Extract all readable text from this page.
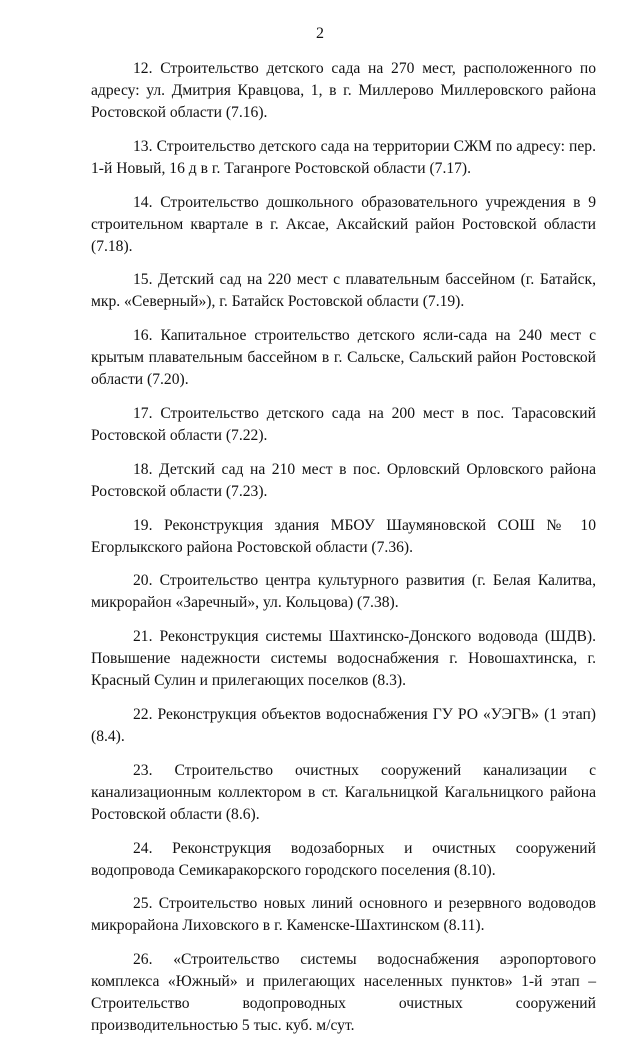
2

12. Строительство детского сада на 270 мест, расположенного по адресу: ул. Дмитрия Кравцова, 1, в г. Миллерово Миллеровского района Ростовской области (7.16).

13. Строительство детского сада на территории СЖМ по адресу: пер. 1-й Новый, 16 д в г. Таганроге Ростовской области (7.17).

14. Строительство дошкольного образовательного учреждения в 9 строительном квартале в г. Аксае, Аксайский район Ростовской области (7.18).

15. Детский сад на 220 мест с плавательным бассейном (г. Батайск, мкр. «Северный»), г. Батайск Ростовской области (7.19).

16. Капитальное строительство детского ясли-сада на 240 мест с крытым плавательным бассейном в г. Сальске, Сальский район Ростовской области (7.20).

17. Строительство детского сада на 200 мест в пос. Тарасовский Ростовской области (7.22).

18. Детский сад на 210 мест в пос. Орловский Орловского района Ростовской области (7.23).

19. Реконструкция здания МБОУ Шаумяновской СОШ № 10 Егорлыкского района Ростовской области (7.36).

20. Строительство центра культурного развития (г. Белая Калитва, микрорайон «Заречный», ул. Кольцова) (7.38).

21. Реконструкция системы Шахтинско-Донского водовода (ШДВ). Повышение надежности системы водоснабжения г. Новошахтинска, г. Красный Сулин и прилегающих поселков (8.3).

22. Реконструкция объектов водоснабжения ГУ РО «УЭГВ» (1 этап) (8.4).

23. Строительство очистных сооружений канализации с канализационным коллектором в ст. Кагальницкой Кагальницкого района Ростовской области (8.6).

24. Реконструкция водозаборных и очистных сооружений водопровода Семикаракорского городского поселения (8.10).

25. Строительство новых линий основного и резервного водоводов микрорайона Лиховского в г. Каменске-Шахтинском (8.11).

26. «Строительство системы водоснабжения аэропортового комплекса «Южный» и прилегающих населенных пунктов» 1-й этап – Строительство водопроводных очистных сооружений производительностью 5 тыс. куб. м/сут.
